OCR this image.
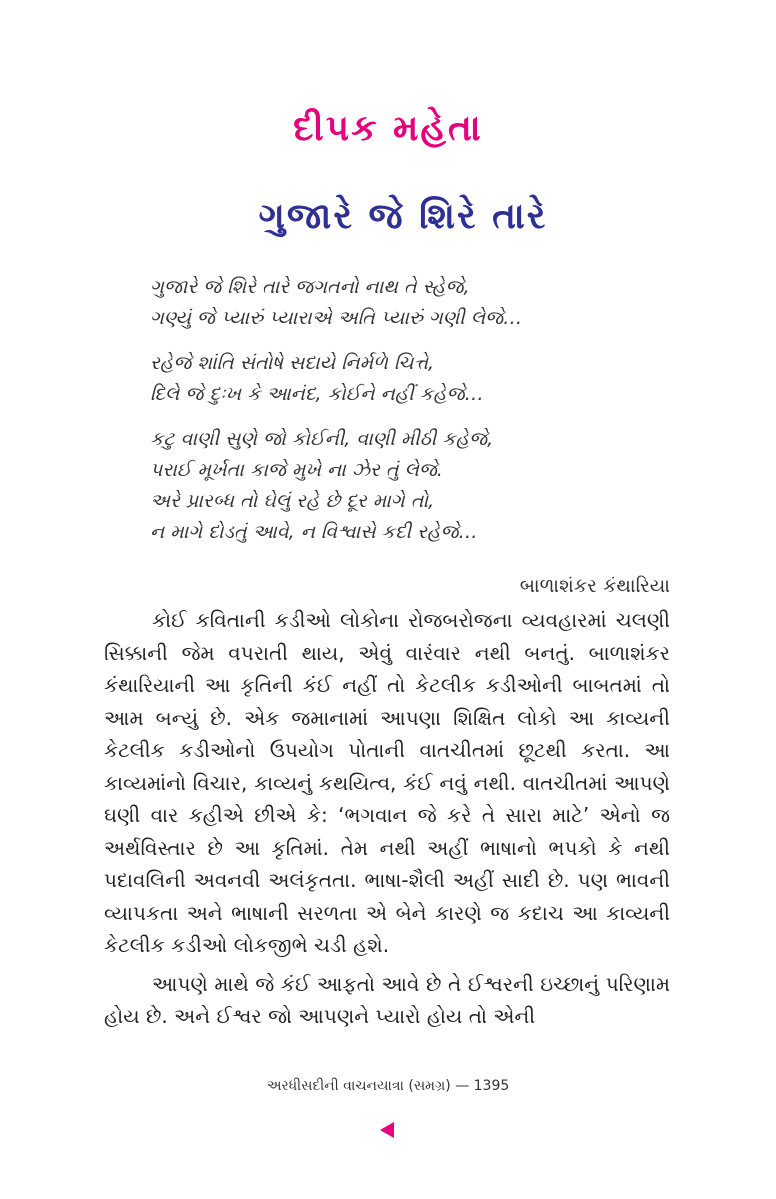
દીપક મહેતા
ગુજારે જે શિરે તારે
ગુજારે જે શિરે તારે જગતનો નાથ તે સ્હેજે,
ગણ્યું જે પ્યારું પ્યારાએ અતિ પ્યારું ગણી લેજે…
રહેજે શાંતિ સંતોષે સદાયે નિર્મળે ચિત્તે,
દિલે જે દુઃખ કે આનંદ, કોઈને નહીં કહેજે…
કટુ વાણી સુણે જો કોઈની, વાણી મીઠી કહેજે,
પરાઈ મૂર્ખતા કાજે મુખે ના ઝેર તું લેજે.
અરે પ્રારબ્ધ તો ઘેલું રહે છે દૂર માગે તો,
ન માગે દોડતું આવે, ન વિશ્વાસે કદી રહેજે…
બાળાશંકર કંથારિયા

કોઈ કવિતાની કડીઓ લોકોના રોજબરોજના વ્યવહારમાં ચલણી સિક્કાની જેમ વપરાતી થાય, એવું વારંવાર નથી બનતું. બાળાશંકર કંથારિયાની આ કૃતિની કંઈ નહીં તો કેટલીક કડીઓની બાબતમાં તો આમ બન્યું છે. એક જમાનામાં આપણા શિક્ષિત લોકો આ કાવ્યની કેટલીક કડીઓનો ઉપયોગ પોતાની વાતચીતમાં છૂટથી કરતા. આ કાવ્યમાંનો વિચાર, કાવ્યનું કથયિત્વ, કંઈ નવું નથી. વાતચીતમાં આપણે ઘણી વાર કહીએ છીએ કે: ‘ભગવાન જે કરે તે સારા માટે’ એનો જ અર્થવિસ્તાર છે આ કૃતિમાં. તેમ નથી અહીં ભાષાનો ભપકો કે નથી પદાવલિની અવનવી અલંકૃતતા. ભાષા-શૈલી અહીં સાદી છે. પણ ભાવની વ્યાપકતા અને ભાષાની સરળતા એ બેને કારણે જ કદાચ આ કાવ્યની કેટલીક કડીઓ લોકજીભે ચડી હશે.

આપણે માથે જે કંઈ આફતો આવે છે તે ઈશ્વરની ઇચ્છાનું પરિણામ હોય છે. અને ઈશ્વર જો આપણને પ્યારો હોય તો એની

અરધીસદીની વાચનયાત્રા (સમગ્ર) — 1395
